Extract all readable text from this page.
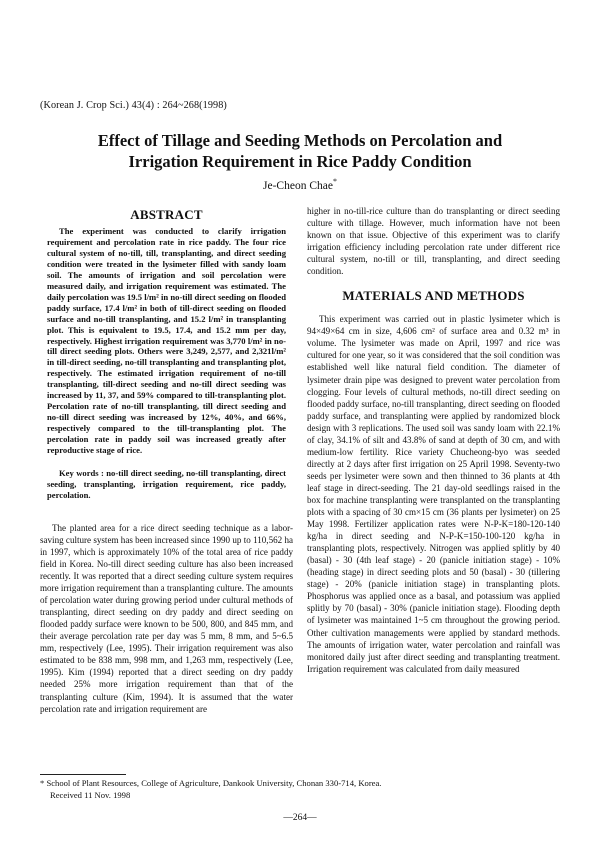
(Korean J. Crop Sci.) 43(4) : 264~268(1998)
Effect of Tillage and Seeding Methods on Percolation and
Irrigation Requirement in Rice Paddy Condition
Je-Cheon Chae*
ABSTRACT

The experiment was conducted to clarify irrigation requirement and percolation rate in rice paddy. The four rice cultural system of no-till, till, transplanting, and direct seeding condition were treated in the lysimeter filled with sandy loam soil. The amounts of irrigation and soil percolation were measured daily, and irrigation requirement was estimated. The daily percolation was 19.5 l/m² in no-till direct seeding on flooded paddy surface, 17.4 l/m² in both of till-direct seeding on flooded surface and no-till transplanting, and 15.2 l/m² in transplanting plot. This is equivalent to 19.5, 17.4, and 15.2 mm per day, respectively. Highest irrigation requirement was 3,770 l/m² in no-till direct seeding plots. Others were 3,249, 2,577, and 2,321l/m² in till-direct seeding, no-till transplanting and transplanting plot, respectively. The estimated irrigation requirement of no-till transplanting, till-direct seeding and no-till direct seeding was increased by 11, 37, and 59% compared to till-transplanting plot. Percolation rate of no-till transplanting, till direct seeding and no-till direct seeding was increased by 12%, 40%, and 66%, respectively compared to the till-transplanting plot. The percolation rate in paddy soil was increased greatly after reproductive stage of rice.

Key words : no-till direct seeding, no-till transplanting, direct seeding, transplanting, irrigation requirement, rice paddy, percolation.

The planted area for a rice direct seeding technique as a labor-saving culture system has been increased since 1990 up to 110,562 ha in 1997, which is approximately 10% of the total area of rice paddy field in Korea. No-till direct seeding culture has also been increased recently. It was reported that a direct seeding culture system requires more irrigation requirement than a transplanting culture. The amounts of percolation water during growing period under cultural methods of transplanting, direct seeding on dry paddy and direct seeding on flooded paddy surface were known to be 500, 800, and 845 mm, and their average percolation rate per day was 5 mm, 8 mm, and 5~6.5 mm, respectively (Lee, 1995). Their irrigation requirement was also estimated to be 838 mm, 998 mm, and 1,263 mm, respectively (Lee, 1995). Kim (1994) reported that a direct seeding on dry paddy needed 25% more irrigation requirement than that of the transplanting culture (Kim, 1994). It is assumed that the water percolation rate and irrigation requirement are

higher in no-till-rice culture than do transplanting or direct seeding culture with tillage. However, much information have not been known on that issue. Objective of this experiment was to clarify irrigation efficiency including percolation rate under different rice cultural system, no-till or till, transplanting, and direct seeding condition.

MATERIALS AND METHODS

This experiment was carried out in plastic lysimeter which is 94×49×64 cm in size, 4,606 cm² of surface area and 0.32 m³ in volume. The lysimeter was made on April, 1997 and rice was cultured for one year, so it was considered that the soil condition was established well like natural field condition. The diameter of lysimeter drain pipe was designed to prevent water percolation from clogging. Four levels of cultural methods, no-till direct seeding on flooded paddy surface, no-till transplanting, direct seeding on flooded paddy surface, and transplanting were applied by randomized block design with 3 replications. The used soil was sandy loam with 22.1% of clay, 34.1% of silt and 43.8% of sand at depth of 30 cm, and with medium-low fertility. Rice variety Chucheong-byo was seeded directly at 2 days after first irrigation on 25 April 1998. Seventy-two seeds per lysimeter were sown and then thinned to 36 plants at 4th leaf stage in direct-seeding. The 21 day-old seedlings raised in the box for machine transplanting were transplanted on the transplanting plots with a spacing of 30 cm×15 cm (36 plants per lysimeter) on 25 May 1998. Fertilizer application rates were N-P-K=180-120-140 kg/ha in direct seeding and N-P-K=150-100-120 kg/ha in transplanting plots, respectively. Nitrogen was applied splitly by 40 (basal) - 30 (4th leaf stage) - 20 (panicle initiation stage) - 10% (heading stage) in direct seeding plots and 50 (basal) - 30 (tillering stage) - 20% (panicle initiation stage) in transplanting plots. Phosphorus was applied once as a basal, and potassium was applied splitly by 70 (basal) - 30% (panicle initiation stage). Flooding depth of lysimeter was maintained 1~5 cm throughout the growing period. Other cultivation managements were applied by standard methods. The amounts of irrigation water, water percolation and rainfall was monitored daily just after direct seeding and transplanting treatment. Irrigation requirement was calculated from daily measured

* School of Plant Resources, College of Agriculture, Dankook University, Chonan 330-714, Korea.
Received 11 Nov. 1998
—264—
